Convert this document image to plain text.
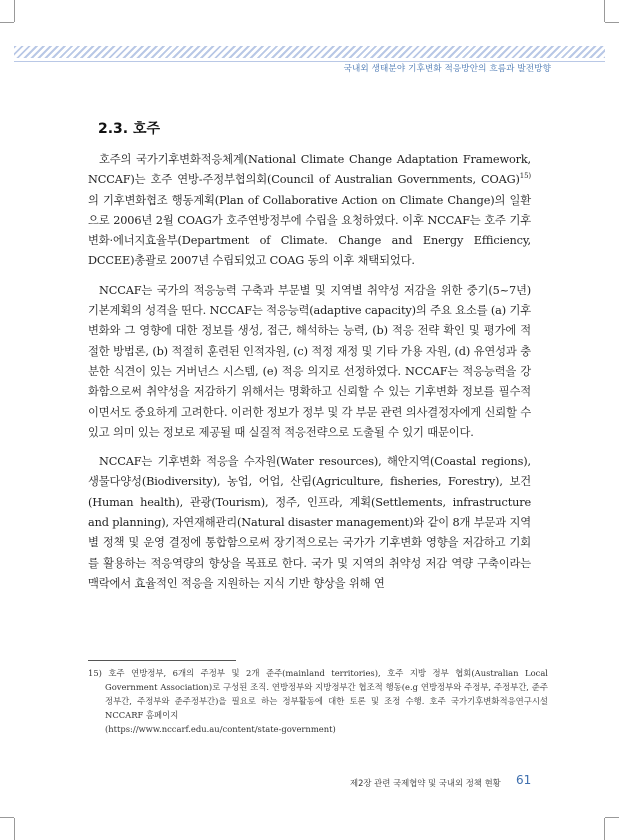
국내외 생태분야 기후변화 적응방안의 흐름과 발전방향
2.3. 호주

호주의 국가기후변화적응체계(National Climate Change Adaptation Framework, NCCAF)는 호주 연방-주정부협의회(Council of Australian Governments, COAG)$^{15)}$의 기후변화협조 행동계획(Plan of Collaborative Action on Climate Change)의 일환으로 2006년 2월 COAG가 호주연방정부에 수립을 요청하였다. 이후 NCCAF는 호주 기후변화·에너지효율부(Department of Climate. Change and Energy Efficiency, DCCEE)총괄로 2007년 수립되었고 COAG 동의 이후 채택되었다.

NCCAF는 국가의 적응능력 구축과 부문별 및 지역별 취약성 저감을 위한 중기(5~7년) 기본계획의 성격을 띤다. NCCAF는 적응능력(adaptive capacity)의 주요 요소를 (a) 기후변화와 그 영향에 대한 정보를 생성, 접근, 해석하는 능력, (b) 적응 전략 확인 및 평가에 적절한 방법론, (b) 적절히 훈련된 인적자원, (c) 적정 재정 및 기타 가용 자원, (d) 유연성과 충분한 식견이 있는 거버넌스 시스템, (e) 적응 의지로 선정하였다. NCCAF는 적응능력을 강화함으로써 취약성을 저감하기 위해서는 명확하고 신뢰할 수 있는 기후변화 정보를 필수적이면서도 중요하게 고려한다. 이러한 정보가 정부 및 각 부문 관련 의사결정자에게 신뢰할 수 있고 의미 있는 정보로 제공될 때 실질적 적응전략으로 도출될 수 있기 때문이다.

NCCAF는 기후변화 적응을 수자원(Water resources), 해안지역(Coastal regions), 생물다양성(Biodiversity), 농업, 어업, 산림(Agriculture, fisheries, Forestry), 보건(Human health), 관광(Tourism), 정주, 인프라, 계획(Settlements, infrastructure and planning), 자연재해관리(Natural disaster management)와 같이 8개 부문과 지역별 정책 및 운영 결정에 통합함으로써 장기적으로는 국가가 기후변화 영향을 저감하고 기회를 활용하는 적응역량의 향상을 목표로 한다. 국가 및 지역의 취약성 저감 역량 구축이라는 맥락에서 효율적인 적응을 지원하는 지식 기반 향상을 위해 연

15) 호주 연방정부, 6개의 주정부 및 2개 준주(mainland territories), 호주 지방 정부 협회(Australian Local Government Association)로 구성된 조직. 연방정부와 지방정부간 협조적 행동(e.g 연방정부와 주정부, 주정부간, 준주정부간, 주정부와 준주정부간)을 필요로 하는 정부활동에 대한 토론 및 조정 수행. 호주 국가기후변화적응연구시설 NCCARF 홈페이지
(https://www.nccarf.edu.au/content/state-government)
제2장 관련 국제협약 및 국내외 정책 현황 61
